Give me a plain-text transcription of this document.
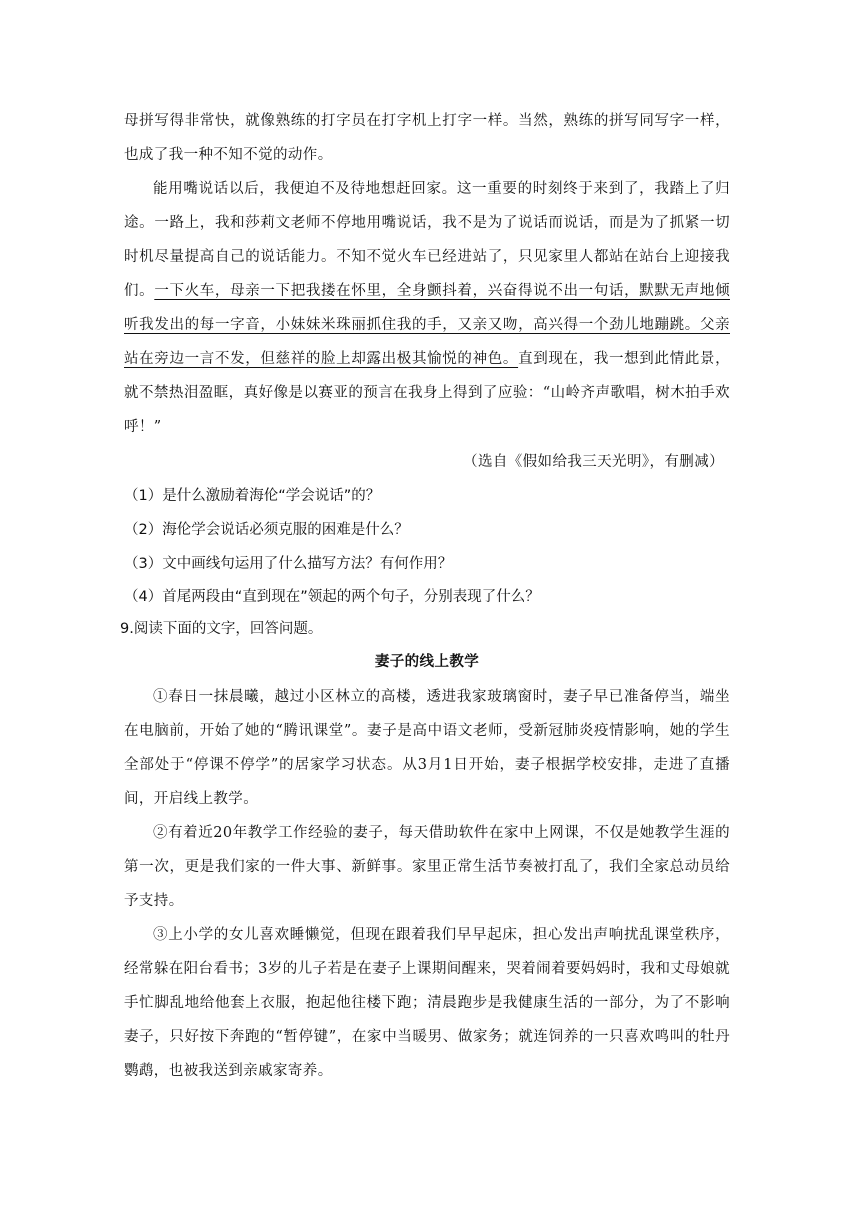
母拼写得非常快，就像熟练的打字员在打字机上打字一样。当然，熟练的拼写同写字一样，也成了我一种不知不觉的动作。

能用嘴说话以后，我便迫不及待地想赶回家。这一重要的时刻终于来到了，我踏上了归途。一路上，我和莎莉文老师不停地用嘴说话，我不是为了说话而说话，而是为了抓紧一切时机尽量提高自己的说话能力。不知不觉火车已经进站了，只见家里人都站在站台上迎接我们。一下火车，母亲一下把我搂在怀里，全身颤抖着，兴奋得说不出一句话，默默无声地倾听我发出的每一字音，小妹妹米珠丽抓住我的手，又亲又吻，高兴得一个劲儿地蹦跳。父亲站在旁边一言不发，但慈祥的脸上却露出极其愉悦的神色。直到现在，我一想到此情此景，就不禁热泪盈眶，真好像是以赛亚的预言在我身上得到了应验：“山岭齐声歌唱，树木拍手欢呼！”

（选自《假如给我三天光明》，有删减）

（1）是什么激励着海伦“学会说话”的？

（2）海伦学会说话必须克服的困难是什么？

（3）文中画线句运用了什么描写方法？有何作用？

（4）首尾两段由“直到现在”领起的两个句子，分别表现了什么？

9.阅读下面的文字，回答问题。

妻子的线上教学

①春日一抹晨曦，越过小区林立的高楼，透进我家玻璃窗时，妻子早已准备停当，端坐在电脑前，开始了她的“腾讯课堂”。妻子是高中语文老师，受新冠肺炎疫情影响，她的学生全部处于“停课不停学”的居家学习状态。从3月1日开始，妻子根据学校安排，走进了直播间，开启线上教学。

②有着近20年教学工作经验的妻子，每天借助软件在家中上网课，不仅是她教学生涯的第一次，更是我们家的一件大事、新鲜事。家里正常生活节奏被打乱了，我们全家总动员给予支持。

③上小学的女儿喜欢睡懒觉，但现在跟着我们早早起床，担心发出声响扰乱课堂秩序，经常躲在阳台看书；3岁的儿子若是在妻子上课期间醒来，哭着闹着要妈妈时，我和丈母娘就手忙脚乱地给他套上衣服，抱起他往楼下跑；清晨跑步是我健康生活的一部分，为了不影响妻子，只好按下奔跑的“暂停键”，在家中当暖男、做家务；就连饲养的一只喜欢鸣叫的牡丹鹦鹉，也被我送到亲戚家寄养。
